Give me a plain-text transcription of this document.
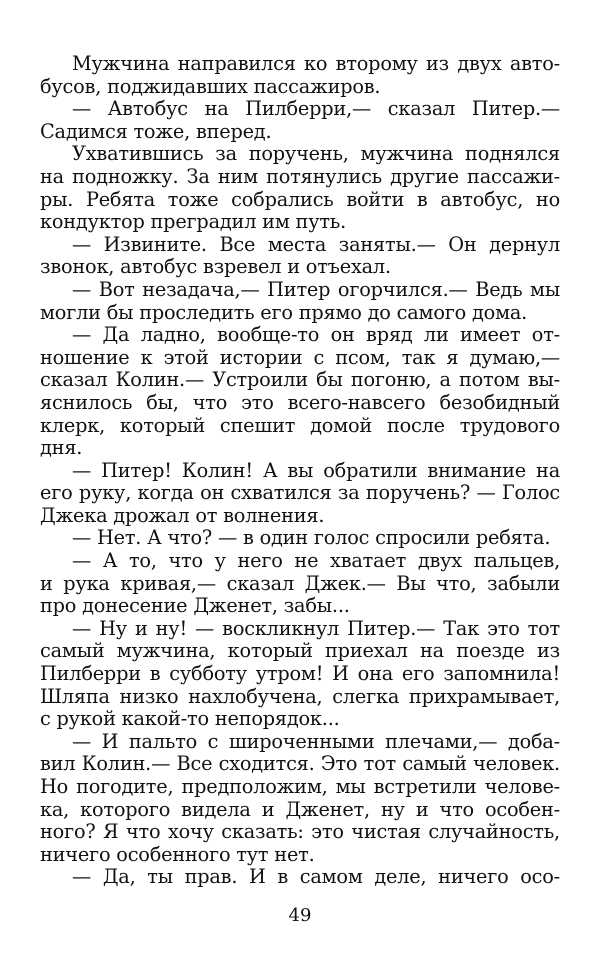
Мужчина направился ко второму из двух авто-
бусов, поджидавших пассажиров.
— Автобус на Пилберри,— сказал Питер.—
Садимся тоже, вперед.
Ухватившись за поручень, мужчина поднялся
на подножку. За ним потянулись другие пассажи-
ры. Ребята тоже собрались войти в автобус, но
кондуктор преградил им путь.
— Извините. Все места заняты.— Он дернул
звонок, автобус взревел и отъехал.
— Вот незадача,— Питер огорчился.— Ведь мы
могли бы проследить его прямо до самого дома.
— Да ладно, вообще-то он вряд ли имеет от-
ношение к этой истории с псом, так я думаю,—
сказал Колин.— Устроили бы погоню, а потом вы-
яснилось бы, что это всего-навсего безобидный
клерк, который спешит домой после трудового
дня.
— Питер! Колин! А вы обратили внимание на
его руку, когда он схватился за поручень? — Голос
Джека дрожал от волнения.
— Нет. А что? — в один голос спросили ребята.
— А то, что у него не хватает двух пальцев,
и рука кривая,— сказал Джек.— Вы что, забыли
про донесение Дженет, забы...
— Ну и ну! — воскликнул Питер.— Так это тот
самый мужчина, который приехал на поезде из
Пилберри в субботу утром! И она его запомнила!
Шляпа низко нахлобучена, слегка прихрамывает,
с рукой какой-то непорядок...
— И пальто с широченными плечами,— доба-
вил Колин.— Все сходится. Это тот самый человек.
Но погодите, предположим, мы встретили челове-
ка, которого видела и Дженет, ну и что особен-
ного? Я что хочу сказать: это чистая случайность,
ничего особенного тут нет.
— Да, ты прав. И в самом деле, ничего осо-
49
